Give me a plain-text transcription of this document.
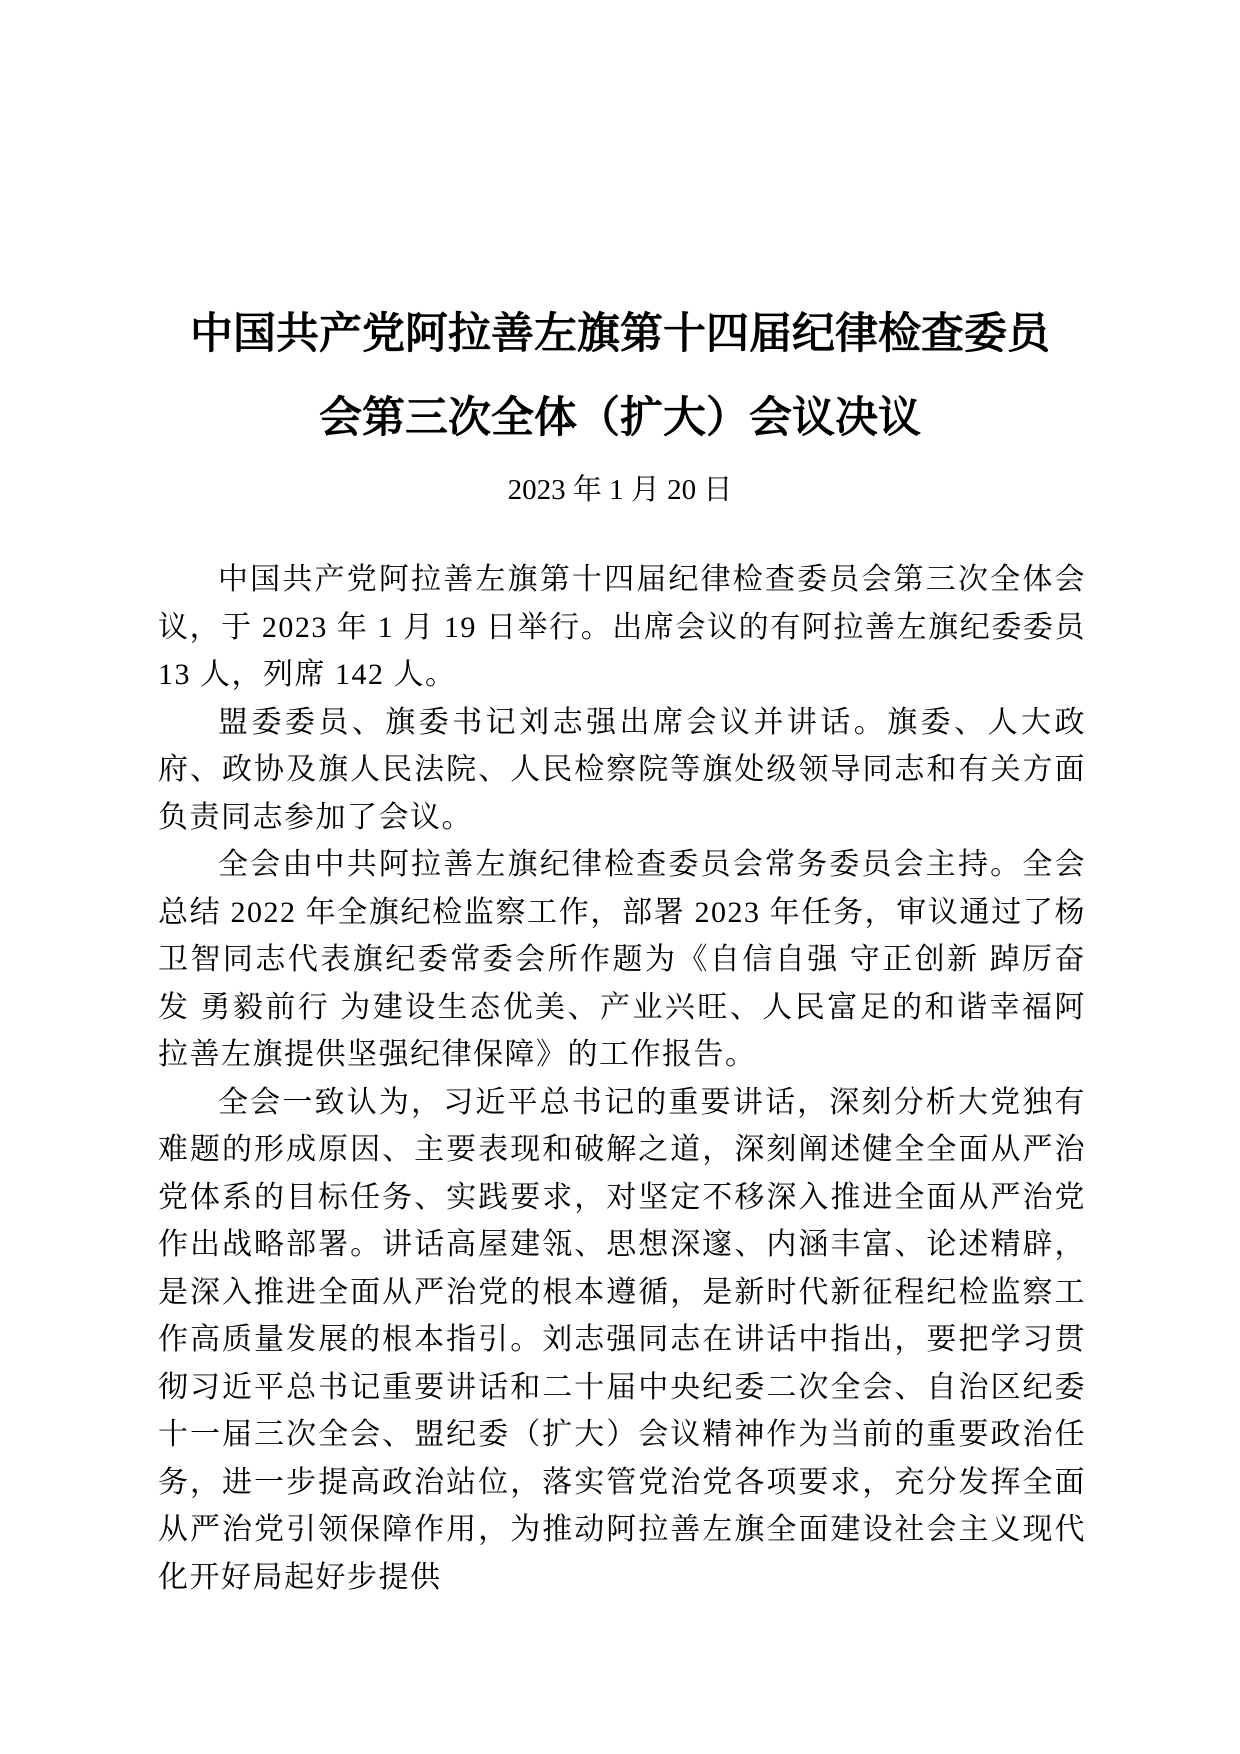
中国共产党阿拉善左旗第十四届纪律检查委员
会第三次全体（扩大）会议决议
2023 年 1 月 20 日

中国共产党阿拉善左旗第十四届纪律检查委员会第三次全体会议，于 2023 年 1 月 19 日举行。出席会议的有阿拉善左旗纪委委员 13 人，列席 142 人。

盟委委员、旗委书记刘志强出席会议并讲话。旗委、人大政府、政协及旗人民法院、人民检察院等旗处级领导同志和有关方面负责同志参加了会议。

全会由中共阿拉善左旗纪律检查委员会常务委员会主持。全会总结 2022 年全旗纪检监察工作，部署 2023 年任务，审议通过了杨卫智同志代表旗纪委常委会所作题为《自信自强 守正创新 踔厉奋发 勇毅前行 为建设生态优美、产业兴旺、人民富足的和谐幸福阿拉善左旗提供坚强纪律保障》的工作报告。

全会一致认为，习近平总书记的重要讲话，深刻分析大党独有难题的形成原因、主要表现和破解之道，深刻阐述健全全面从严治党体系的目标任务、实践要求，对坚定不移深入推进全面从严治党作出战略部署。讲话高屋建瓴、思想深邃、内涵丰富、论述精辟，是深入推进全面从严治党的根本遵循，是新时代新征程纪检监察工作高质量发展的根本指引。刘志强同志在讲话中指出，要把学习贯彻习近平总书记重要讲话和二十届中央纪委二次全会、自治区纪委十一届三次全会、盟纪委（扩大）会议精神作为当前的重要政治任务，进一步提高政治站位，落实管党治党各项要求，充分发挥全面从严治党引领保障作用，为推动阿拉善左旗全面建设社会主义现代化开好局起好步提供
